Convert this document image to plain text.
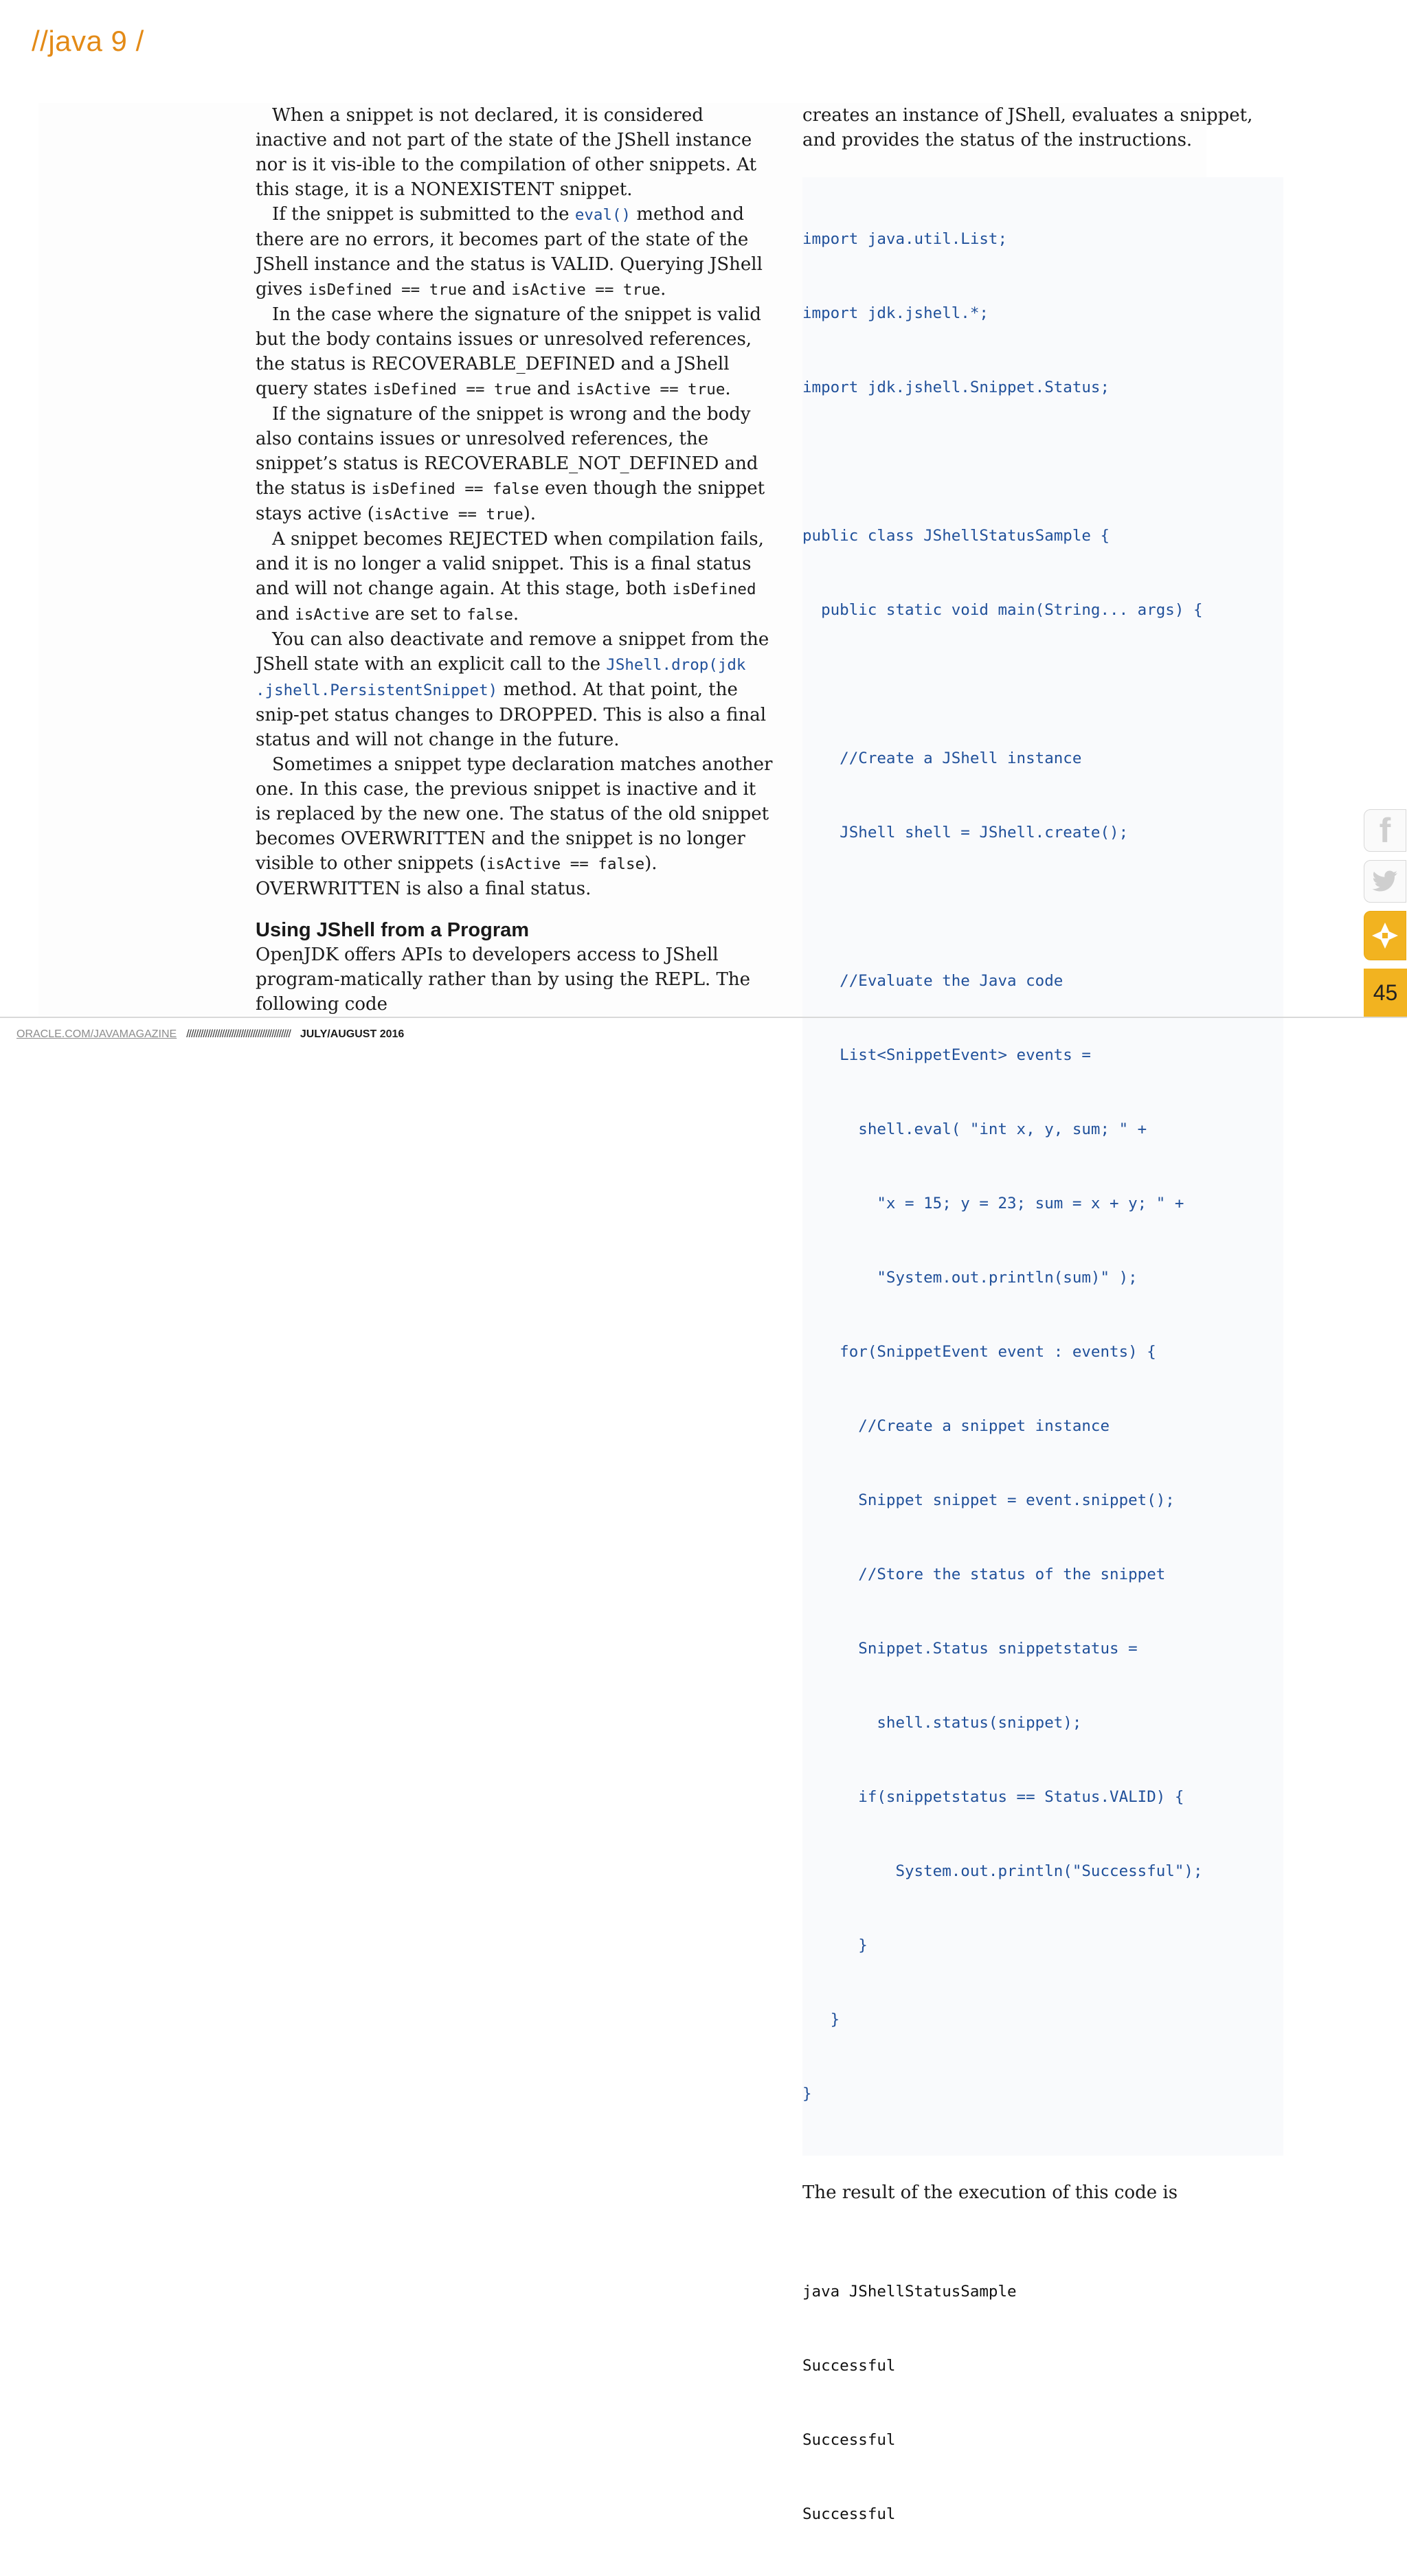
//java 9 /

When a snippet is not declared, it is considered inactive and not part of the state of the JShell instance nor is it vis-ible to the compilation of other snippets. At this stage, it is a NONEXISTENT snippet.

If the snippet is submitted to the eval() method and there are no errors, it becomes part of the state of the JShell instance and the status is VALID. Querying JShell gives isDefined == true and isActive == true.

In the case where the signature of the snippet is valid but the body contains issues or unresolved references, the status is RECOVERABLE_DEFINED and a JShell query states isDefined == true and isActive == true.

If the signature of the snippet is wrong and the body also contains issues or unresolved references, the snippet’s status is RECOVERABLE_NOT_DEFINED and the status is isDefined == false even though the snippet stays active (isActive == true).

A snippet becomes REJECTED when compilation fails, and it is no longer a valid snippet. This is a final status and will not change again. At this stage, both isDefined and isActive are set to false.

You can also deactivate and remove a snippet from the JShell state with an explicit call to the JShell.drop(jdk .jshell.PersistentSnippet) method. At that point, the snip-pet status changes to DROPPED. This is also a final status and will not change in the future.

Sometimes a snippet type declaration matches another one. In this case, the previous snippet is inactive and it is replaced by the new one. The status of the old snippet becomes OVERWRITTEN and the snippet is no longer visible to other snippets (isActive == false). OVERWRITTEN is also a final status.

Using JShell from a Program

OpenJDK offers APIs to developers access to JShell program-matically rather than by using the REPL. The following code

creates an instance of JShell, evaluates a snippet, and provides the status of the instructions.

import java.util.List;

import jdk.jshell.*;

import jdk.jshell.Snippet.Status;

public class JShellStatusSample {

public static void main(String... args) {

//Create a JShell instance

JShell shell = JShell.create();

//Evaluate the Java code

List<SnippetEvent> events =

shell.eval( "int x, y, sum; " +

"x = 15; y = 23; sum = x + y; " +

"System.out.println(sum)" );

for(SnippetEvent event : events) {

//Create a snippet instance

Snippet snippet = event.snippet();

//Store the status of the snippet

Snippet.Status snippetstatus =

shell.status(snippet);

if(snippetstatus == Status.VALID) {

System.out.println("Successful");

}

}

}

The result of the execution of this code is

java JShellStatusSample

Successful

Successful

Successful

ORACLE.COM/JAVAMAGAZINE //////////////////////////////////////////// JULY/AUGUST 2016
f
45
